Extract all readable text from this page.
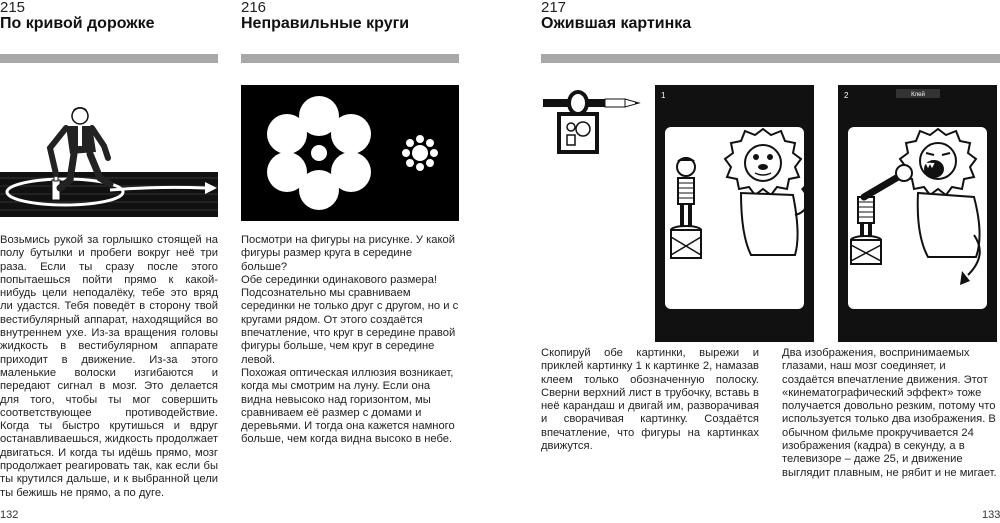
215
По кривой дорожке

Возьмись рукой за горлышко стоящей на полу бутылки и пробеги вокруг неё три раза. Если ты сразу после этого попытаешься пойти прямо к какой-нибудь цели неподалёку, тебе это вряд ли удастся. Тебя поведёт в сторону твой вестибулярный аппарат, находящийся во внутреннем ухе. Из-за вращения головы жидкость в вестибулярном аппарате приходит в движение. Из-за этого маленькие волоски изгибаются и передают сигнал в мозг. Это делается для того, чтобы ты мог совершить соответствующее противодействие. Когда ты быстро крутишься и вдруг останавливаешься, жидкость продолжает двигаться. И когда ты идёшь прямо, мозг продолжает реагировать так, как если бы ты крутился дальше, и к выбранной цели ты бежишь не прямо, а по дуге.

216
Неправильные круги

Посмотри на фигуры на рисунке. У какой фигуры размер круга в середине больше?

Обе серединки одинакового размера! Подсознательно мы сравниваем серединки не только друг с другом, но и с кругами рядом. От этого создаётся впечатление, что круг в середине правой фигуры больше, чем круг в середине левой.

Похожая оптическая иллюзия возникает, когда мы смотрим на луну. Если она видна невысоко над горизонтом, мы сравниваем её размер с домами и деревьями. И тогда она кажется намного больше, чем когда видна высоко в небе.

132
217
Ожившая картинка
1	Клей
2

Скопируй обе картинки, вырежи и приклей картинку 1 к картинке 2, намазав клеем только обозначенную полоску. Сверни верхний лист в трубочку, вставь в неё карандаш и двигай им, разворачивая и сворачивая картинку. Создаётся впечатление, что фигуры на картинках движутся.

Два изображения, воспринимаемых глазами, наш мозг соединяет, и создаётся впечатление движения. Этот «кинематографический эффект» тоже получается довольно резким, потому что используется только два изображения. В обычном фильме прокручивается 24 изображения (кадра) в секунду, а в телевизоре – даже 25, и движение выглядит плавным, не рябит и не мигает.

133
